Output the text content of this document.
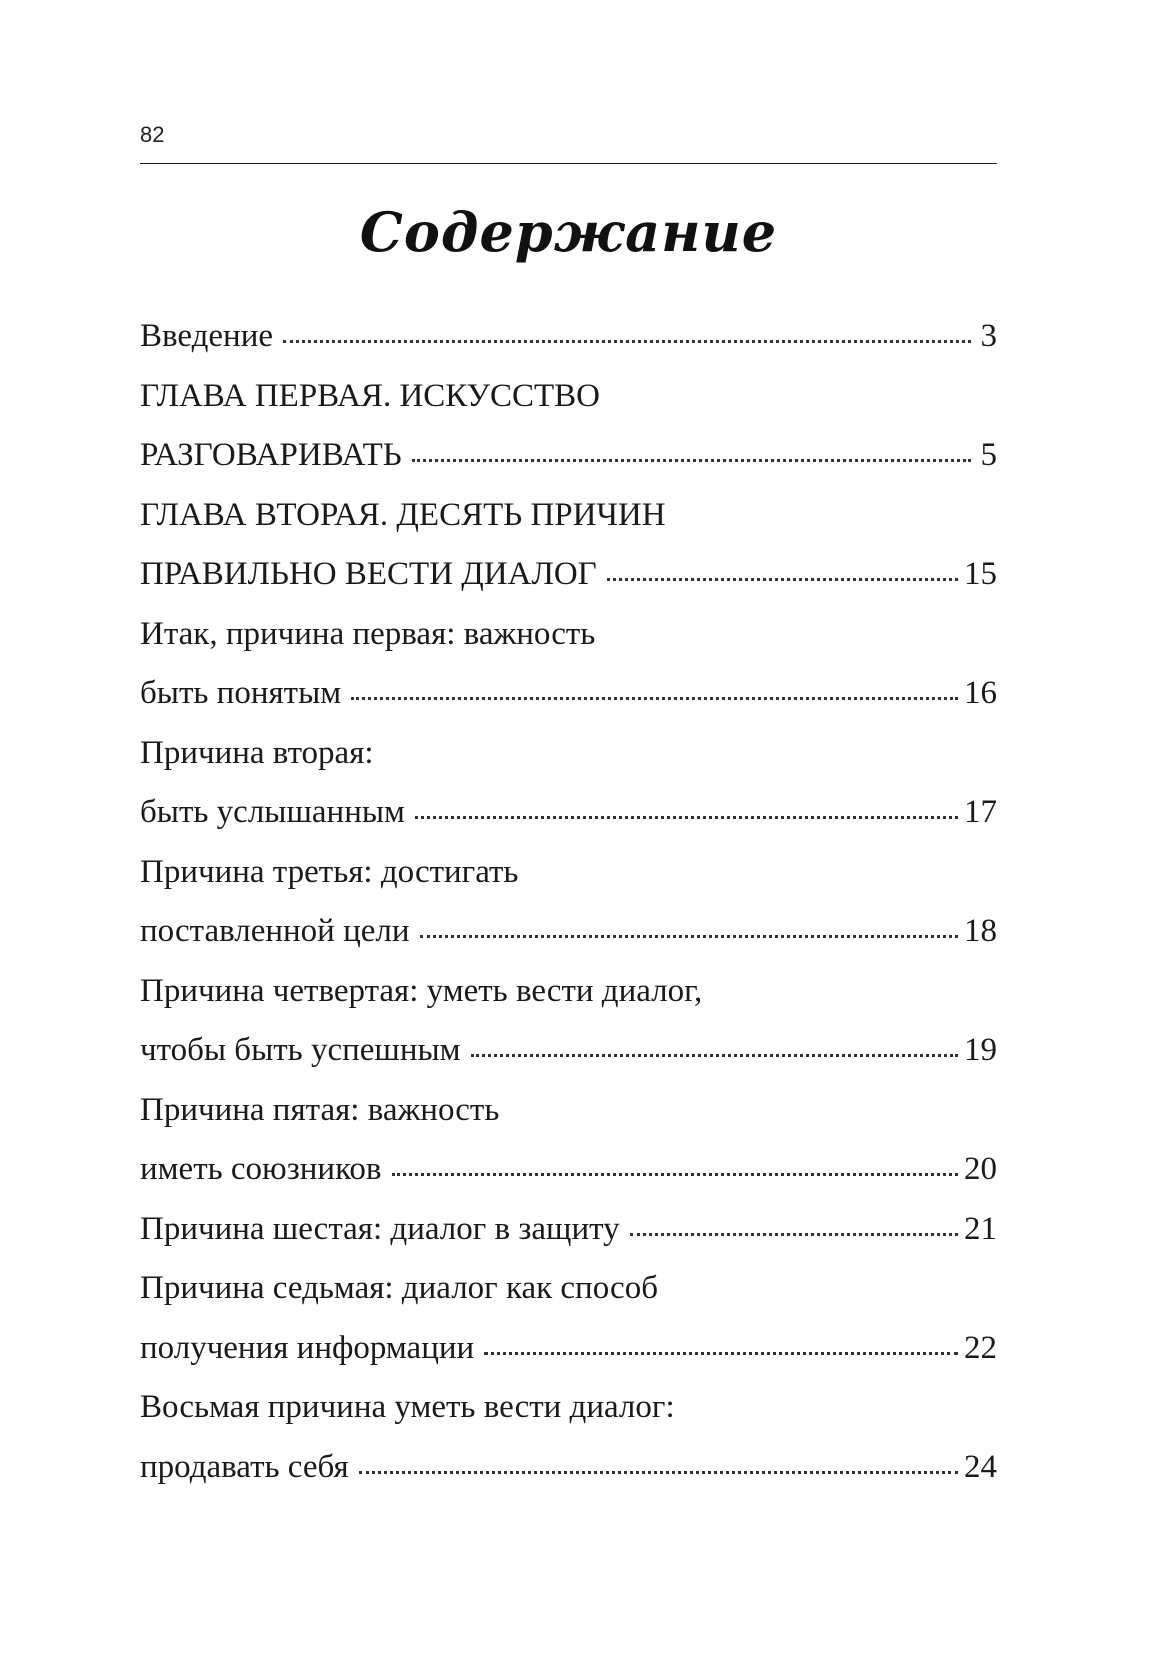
82
Содержание
Введение	3
ГЛАВА ПЕРВАЯ. ИСКУССТВО
РАЗГОВАРИВАТЬ	5
ГЛАВА ВТОРАЯ. ДЕСЯТЬ ПРИЧИН
ПРАВИЛЬНО ВЕСТИ ДИАЛОГ	15
Итак, причина первая: важность
быть понятым	16
Причина вторая:
быть услышанным	17
Причина третья: достигать
поставленной цели	18
Причина четвертая: уметь вести диалог,
чтобы быть успешным	19
Причина пятая: важность
иметь союзников	20
Причина шестая: диалог в защиту	21
Причина седьмая: диалог как способ
получения информации	22
Восьмая причина уметь вести диалог:
продавать себя	24
